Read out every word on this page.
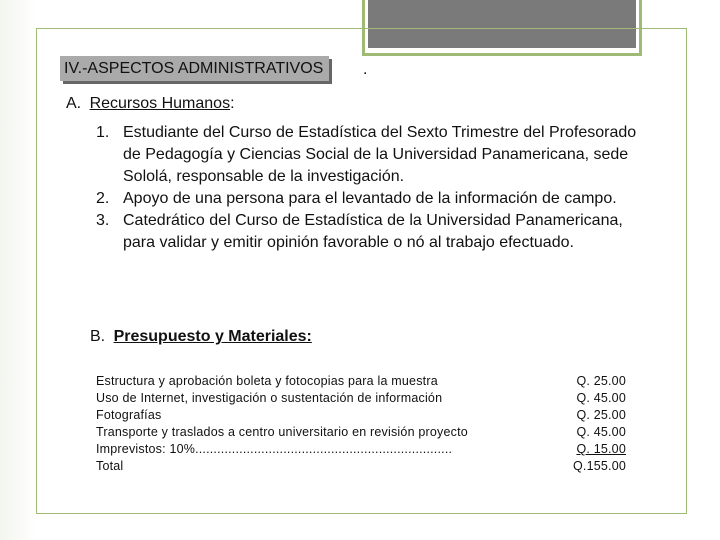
IV.-ASPECTOS ADMINISTRATIVOS	.
A. Recursos Humanos:
1. Estudiante del Curso de Estadística del Sexto Trimestre del Profesorado de Pedagogía y Ciencias Social de la Universidad Panamericana, sede Sololá, responsable de la investigación.
2. Apoyo de una persona para el levantado de la información de campo.
3. Catedrático del Curso de Estadística de la Universidad Panamericana, para validar y emitir opinión favorable o nó al trabajo efectuado.
B. Presupuesto y Materiales:
Estructura y aprobación boleta y fotocopias para la muestra	Q. 25.00
Uso de Internet, investigación o sustentación de información	Q. 45.00
Fotografías	Q. 25.00
Transporte y traslados a centro universitario en revisión proyecto	Q. 45.00
Imprevistos: 10%......................................................................	Q. 15.00
Total	Q.155.00
